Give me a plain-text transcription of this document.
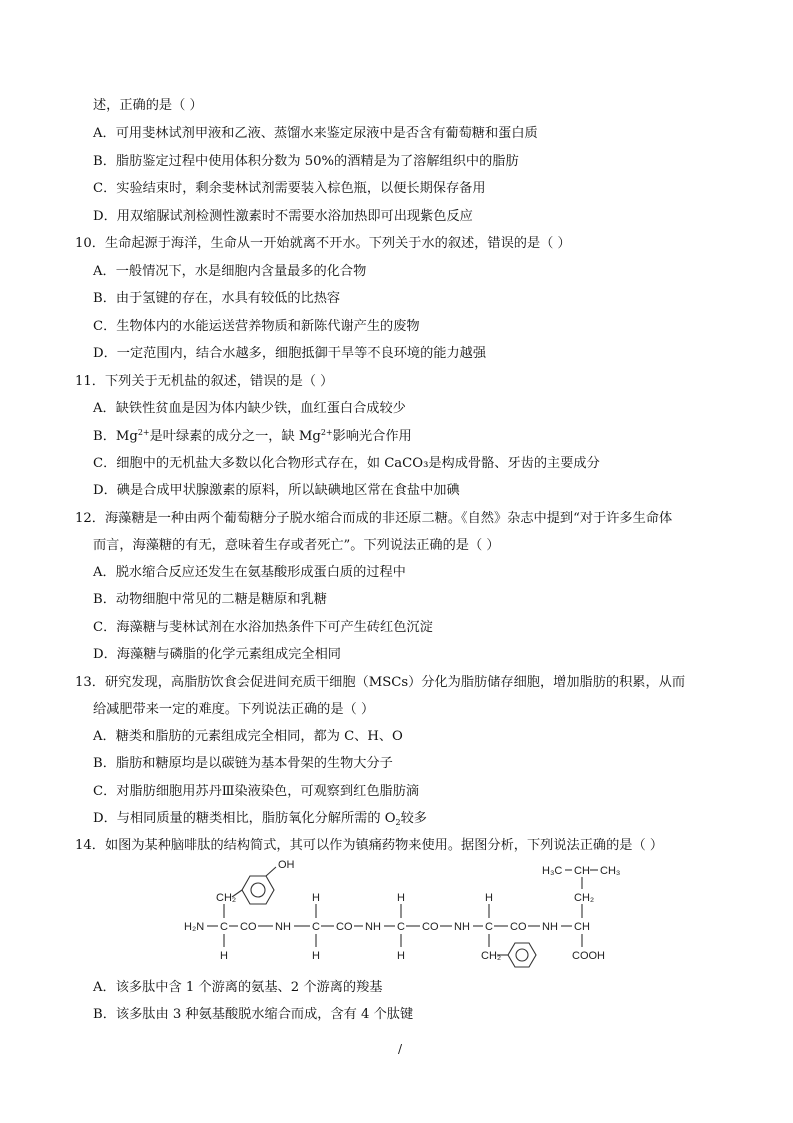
述，正确的是（ ）
A．可用斐林试剂甲液和乙液、蒸馏水来鉴定尿液中是否含有葡萄糖和蛋白质
B．脂肪鉴定过程中使用体积分数为 50%的酒精是为了溶解组织中的脂肪
C．实验结束时，剩余斐林试剂需要装入棕色瓶，以便长期保存备用
D．用双缩脲试剂检测性激素时不需要水浴加热即可出现紫色反应
10．生命起源于海洋，生命从一开始就离不开水。下列关于水的叙述，错误的是（ ）
A．一般情况下，水是细胞内含量最多的化合物
B．由于氢键的存在，水具有较低的比热容
C．生物体内的水能运送营养物质和新陈代谢产生的废物
D．一定范围内，结合水越多，细胞抵御干旱等不良环境的能力越强
11．下列关于无机盐的叙述，错误的是（ ）
A．缺铁性贫血是因为体内缺少铁，血红蛋白合成较少
B．$Mg^{2+}$是叶绿素的成分之一，缺 $Mg^{2+}$影响光合作用
C．细胞中的无机盐大多数以化合物形式存在，如 CaCO₃是构成骨骼、牙齿的主要成分
D．碘是合成甲状腺激素的原料，所以缺碘地区常在食盐中加碘
12．海藻糖是一种由两个葡萄糖分子脱水缩合而成的非还原二糖。《自然》杂志中提到“对于许多生命体
而言，海藻糖的有无，意味着生存或者死亡”。下列说法正确的是（ ）
A．脱水缩合反应还发生在氨基酸形成蛋白质的过程中
B．动物细胞中常见的二糖是糖原和乳糖
C．海藻糖与斐林试剂在水浴加热条件下可产生砖红色沉淀
D．海藻糖与磷脂的化学元素组成完全相同
13．研究发现，高脂肪饮食会促进间充质干细胞（MSCs）分化为脂肪储存细胞，增加脂肪的积累，从而
给减肥带来一定的难度。下列说法正确的是（ ）
A．糖类和脂肪的元素组成完全相同，都为 C、H、O
B．脂肪和糖原均是以碳链为基本骨架的生物大分子
C．对脂肪细胞用苏丹Ⅲ染液染色，可观察到红色脂肪滴
D．与相同质量的糖类相比，脂肪氧化分解所需的 $O_2$较多
14．如图为某种脑啡肽的结构简式，其可以作为镇痛药物来使用。据图分析，下列说法正确的是（ ）
H₃C CH CH₃
CH₂
CH₂
OH
H	H	H
H₂N C CO NH C CO NH C CO NH C CO NH CH
H	H	H	CH₂	COOH
A．该多肽中含 1 个游离的氨基、2 个游离的羧基
B．该多肽由 3 种氨基酸脱水缩合而成，含有 4 个肽键
/
